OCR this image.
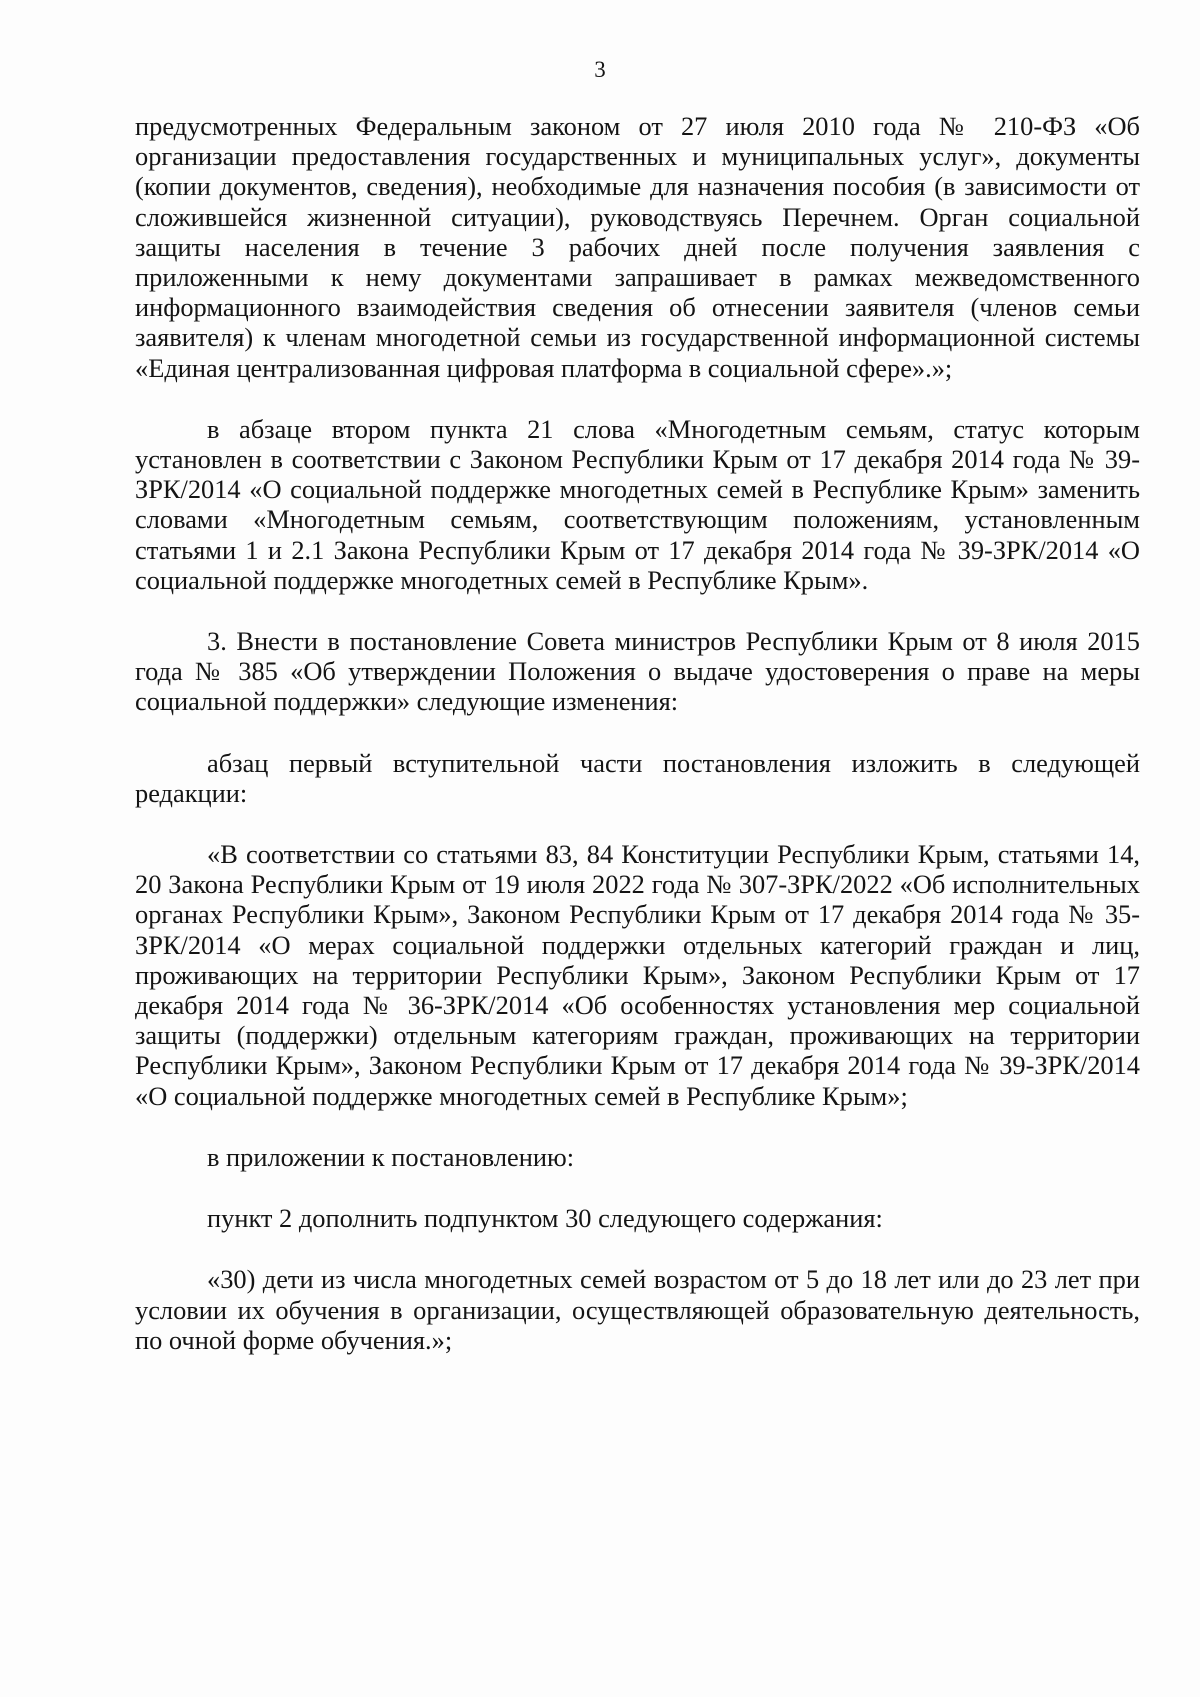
3

предусмотренных Федеральным законом от 27 июля 2010 года № 210-ФЗ «Об организации предоставления государственных и муниципальных услуг», документы (копии документов, сведения), необходимые для назначения пособия (в зависимости от сложившейся жизненной ситуации), руководствуясь Перечнем. Орган социальной защиты населения в течение 3 рабочих дней после получения заявления с приложенными к нему документами запрашивает в рамках межведомственного информационного взаимодействия сведения об отнесении заявителя (членов семьи заявителя) к членам многодетной семьи из государственной информационной системы «Единая централизованная цифровая платформа в социальной сфере».»;

в абзаце втором пункта 21 слова «Многодетным семьям, статус которым установлен в соответствии с Законом Республики Крым от 17 декабря 2014 года № 39-ЗРК/2014 «О социальной поддержке многодетных семей в Республике Крым» заменить словами «Многодетным семьям, соответствующим положениям, установленным статьями 1 и 2.1 Закона Республики Крым от 17 декабря 2014 года № 39-ЗРК/2014 «О социальной поддержке многодетных семей в Республике Крым».

3. Внести в постановление Совета министров Республики Крым от 8 июля 2015 года № 385 «Об утверждении Положения о выдаче удостоверения о праве на меры социальной поддержки» следующие изменения:

абзац первый вступительной части постановления изложить в следующей редакции:

«В соответствии со статьями 83, 84 Конституции Республики Крым, статьями 14, 20 Закона Республики Крым от 19 июля 2022 года № 307-ЗРК/2022 «Об исполнительных органах Республики Крым», Законом Республики Крым от 17 декабря 2014 года № 35-ЗРК/2014 «О мерах социальной поддержки отдельных категорий граждан и лиц, проживающих на территории Республики Крым», Законом Республики Крым от 17 декабря 2014 года № 36-ЗРК/2014 «Об особенностях установления мер социальной защиты (поддержки) отдельным категориям граждан, проживающих на территории Республики Крым», Законом Республики Крым от 17 декабря 2014 года № 39-ЗРК/2014 «О социальной поддержке многодетных семей в Республике Крым»;

в приложении к постановлению:

пункт 2 дополнить подпунктом 30 следующего содержания:

«30) дети из числа многодетных семей возрастом от 5 до 18 лет или до 23 лет при условии их обучения в организации, осуществляющей образовательную деятельность, по очной форме обучения.»;
